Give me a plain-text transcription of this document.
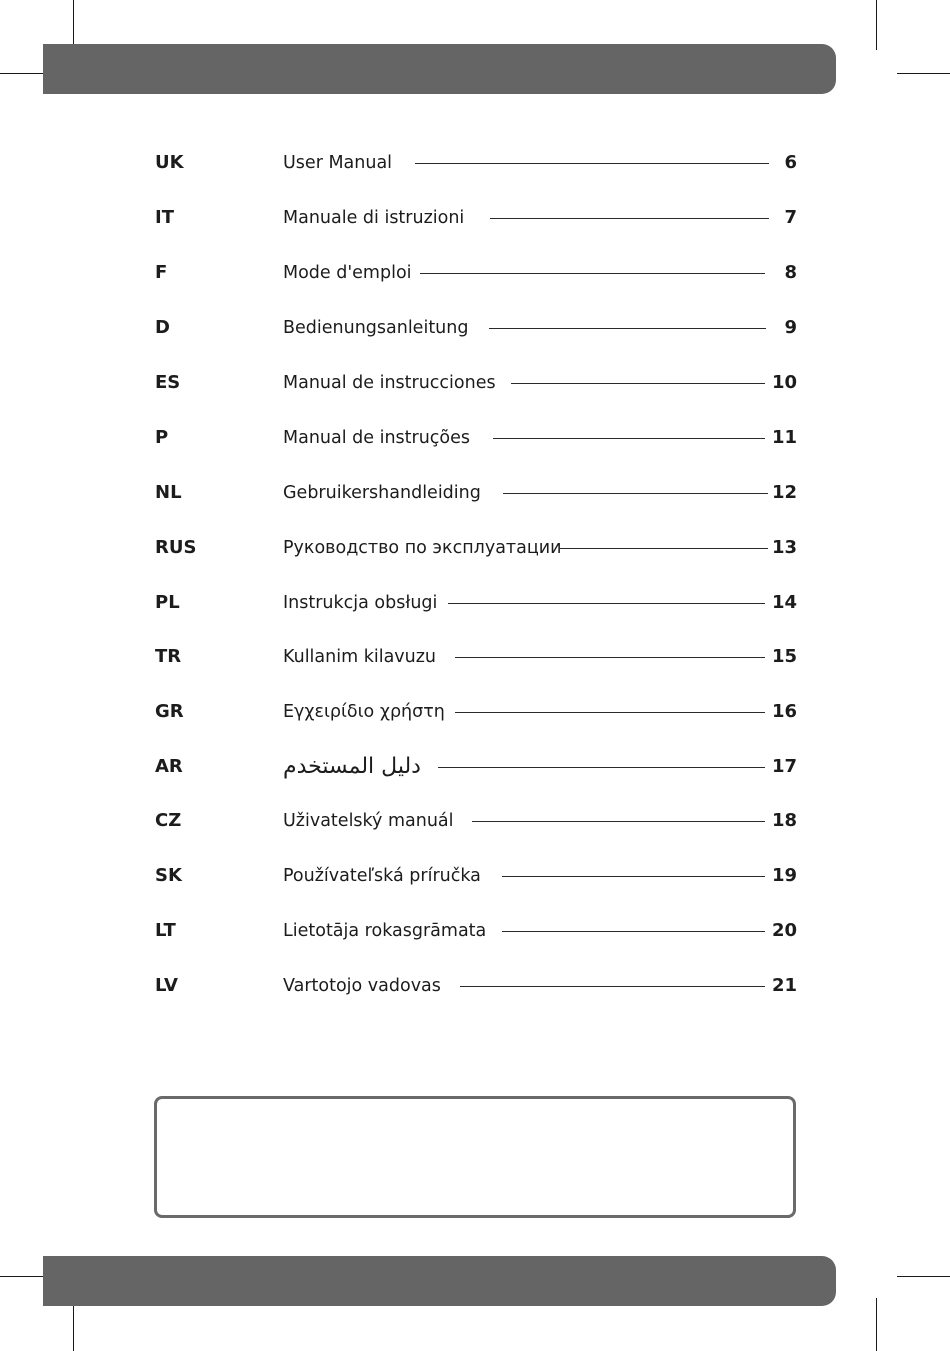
UK	User Manual	6
IT	Manuale di istruzioni	7
F	Mode d'emploi	8
D	Bedienungsanleitung	9
ES	Manual de instrucciones	10
P	Manual de instruções	11
NL	Gebruikershandleiding	12
RUS	Руководство по эксплуатации	13
PL	Instrukcja obsługi	14
TR	Kullanim kilavuzu	15
GR	Εγχειρίδιο χρήστη	16
AR	دليل المستخدم	17
CZ	Uživatelský manuál	18
SK	Používateľská príručka	19
LT	Lietotāja rokasgrāmata	20
LV	Vartotojo vadovas	21
